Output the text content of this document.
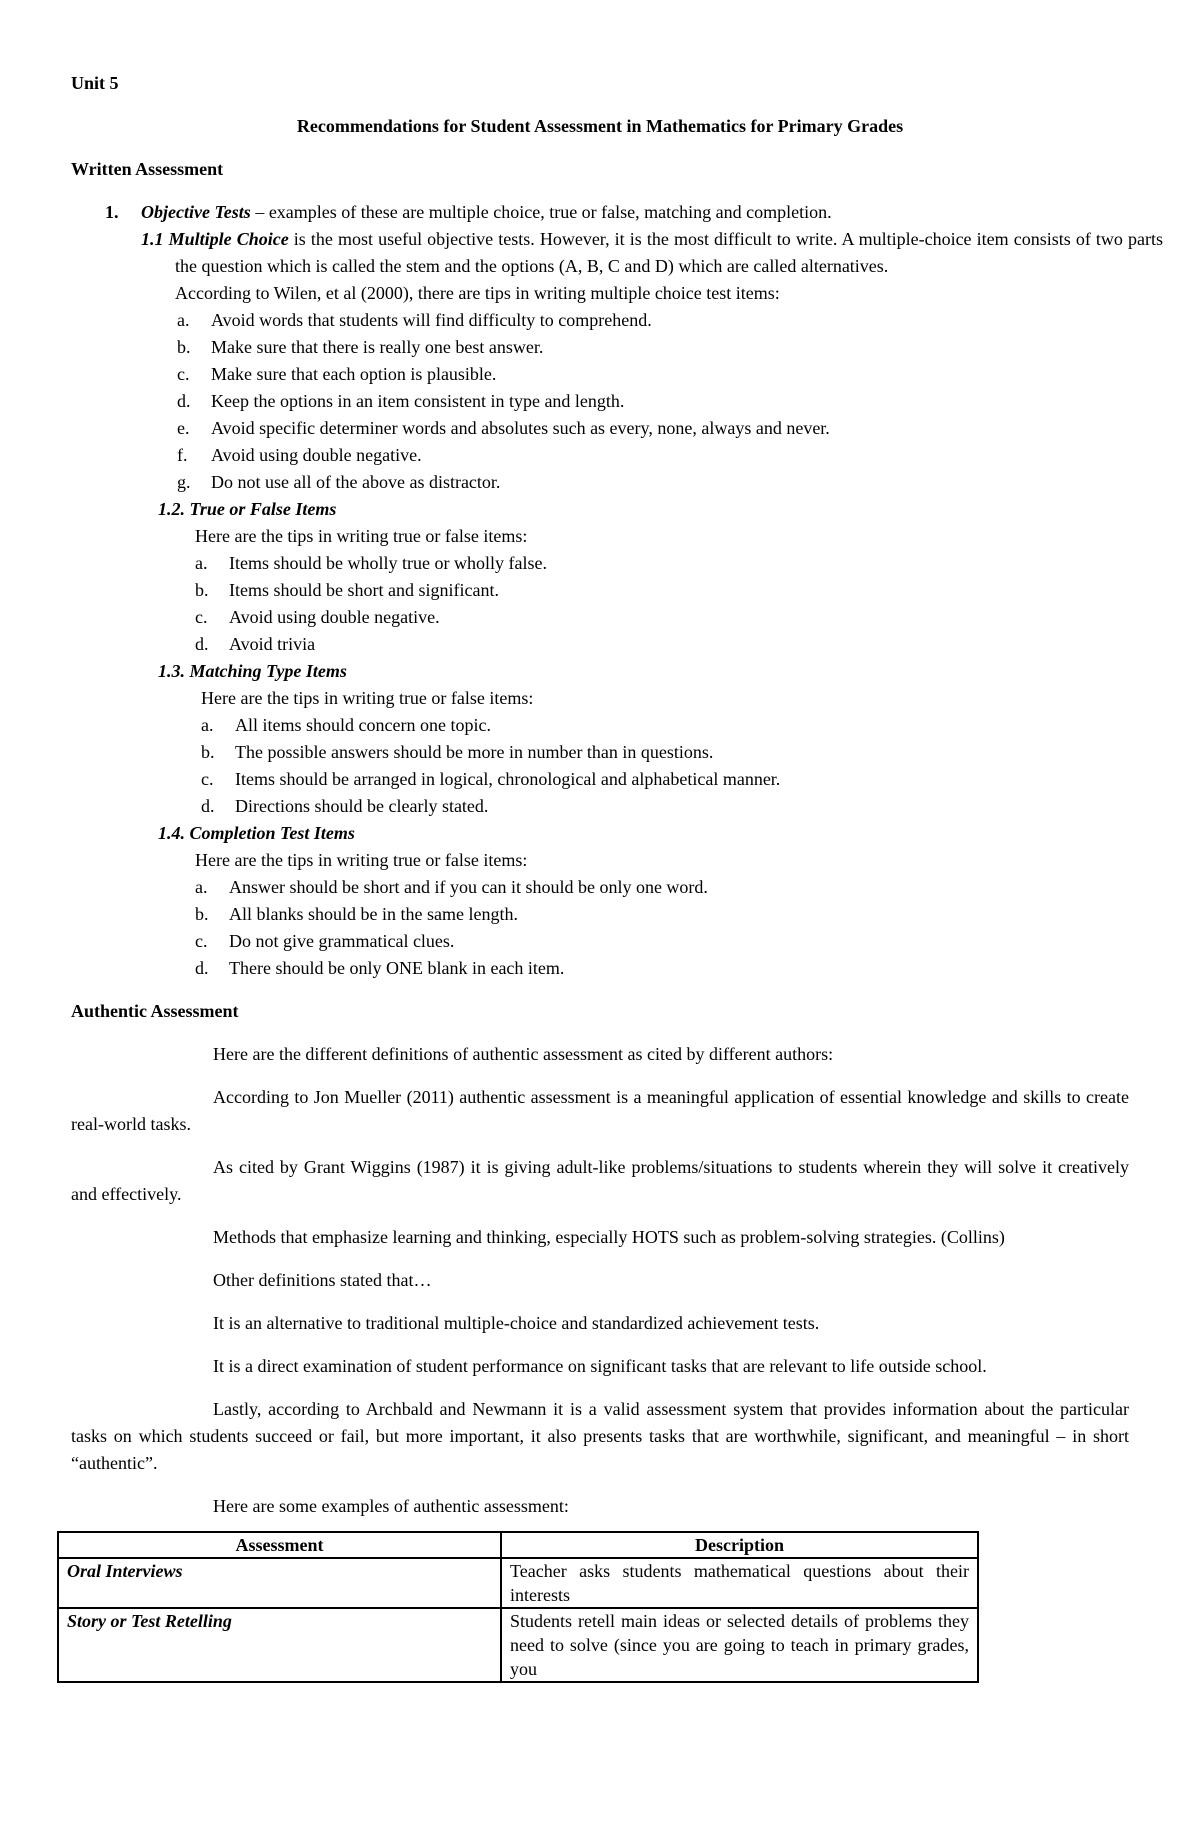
Unit 5
Recommendations for Student Assessment in Mathematics for Primary Grades
Written Assessment
1. Objective Tests – examples of these are multiple choice, true or false, matching and completion.
1.1 Multiple Choice is the most useful objective tests. However, it is the most difficult to write. A multiple-choice item consists of two parts the question which is called the stem and the options (A, B, C and D) which are called alternatives.
According to Wilen, et al (2000), there are tips in writing multiple choice test items:
a. Avoid words that students will find difficulty to comprehend.
b. Make sure that there is really one best answer.
c. Make sure that each option is plausible.
d. Keep the options in an item consistent in type and length.
e. Avoid specific determiner words and absolutes such as every, none, always and never.
f. Avoid using double negative.
g. Do not use all of the above as distractor.
1.2. True or False Items
Here are the tips in writing true or false items:
a. Items should be wholly true or wholly false.
b. Items should be short and significant.
c. Avoid using double negative.
d. Avoid trivia
1.3. Matching Type Items
Here are the tips in writing true or false items:
a. All items should concern one topic.
b. The possible answers should be more in number than in questions.
c. Items should be arranged in logical, chronological and alphabetical manner.
d. Directions should be clearly stated.
1.4. Completion Test Items
Here are the tips in writing true or false items:
a. Answer should be short and if you can it should be only one word.
b. All blanks should be in the same length.
c. Do not give grammatical clues.
d. There should be only ONE blank in each item.
Authentic Assessment
Here are the different definitions of authentic assessment as cited by different authors:
According to Jon Mueller (2011) authentic assessment is a meaningful application of essential knowledge and skills to create real-world tasks.
As cited by Grant Wiggins (1987) it is giving adult-like problems/situations to students wherein they will solve it creatively and effectively.
Methods that emphasize learning and thinking, especially HOTS such as problem-solving strategies. (Collins)
Other definitions stated that…
It is an alternative to traditional multiple-choice and standardized achievement tests.
It is a direct examination of student performance on significant tasks that are relevant to life outside school.
Lastly, according to Archbald and Newmann it is a valid assessment system that provides information about the particular tasks on which students succeed or fail, but more important, it also presents tasks that are worthwhile, significant, and meaningful – in short “authentic”.
Here are some examples of authentic assessment:
Assessment	Description
Oral Interviews	Teacher asks students mathematical questions about their interests
Story or Test Retelling	Students retell main ideas or selected details of problems they need to solve (since you are going to teach in primary grades, you
